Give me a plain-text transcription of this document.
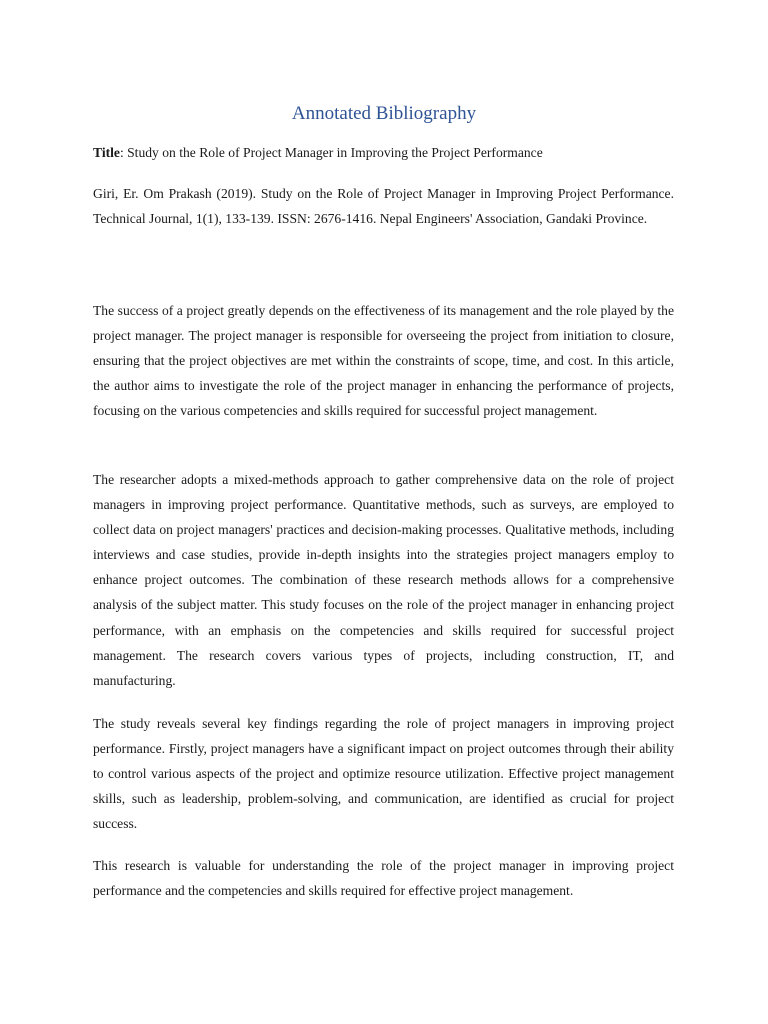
Annotated Bibliography

Title: Study on the Role of Project Manager in Improving the Project Performance

Giri, Er. Om Prakash (2019). Study on the Role of Project Manager in Improving Project Performance. Technical Journal, 1(1), 133-139. ISSN: 2676-1416. Nepal Engineers' Association, Gandaki Province.

The success of a project greatly depends on the effectiveness of its management and the role played by the project manager. The project manager is responsible for overseeing the project from initiation to closure, ensuring that the project objectives are met within the constraints of scope, time, and cost. In this article, the author aims to investigate the role of the project manager in enhancing the performance of projects, focusing on the various competencies and skills required for successful project management.

The researcher adopts a mixed-methods approach to gather comprehensive data on the role of project managers in improving project performance. Quantitative methods, such as surveys, are employed to collect data on project managers' practices and decision-making processes. Qualitative methods, including interviews and case studies, provide in-depth insights into the strategies project managers employ to enhance project outcomes. The combination of these research methods allows for a comprehensive analysis of the subject matter. This study focuses on the role of the project manager in enhancing project performance, with an emphasis on the competencies and skills required for successful project management. The research covers various types of projects, including construction, IT, and manufacturing.

The study reveals several key findings regarding the role of project managers in improving project performance. Firstly, project managers have a significant impact on project outcomes through their ability to control various aspects of the project and optimize resource utilization. Effective project management skills, such as leadership, problem-solving, and communication, are identified as crucial for project success.

This research is valuable for understanding the role of the project manager in improving project performance and the competencies and skills required for effective project management.
